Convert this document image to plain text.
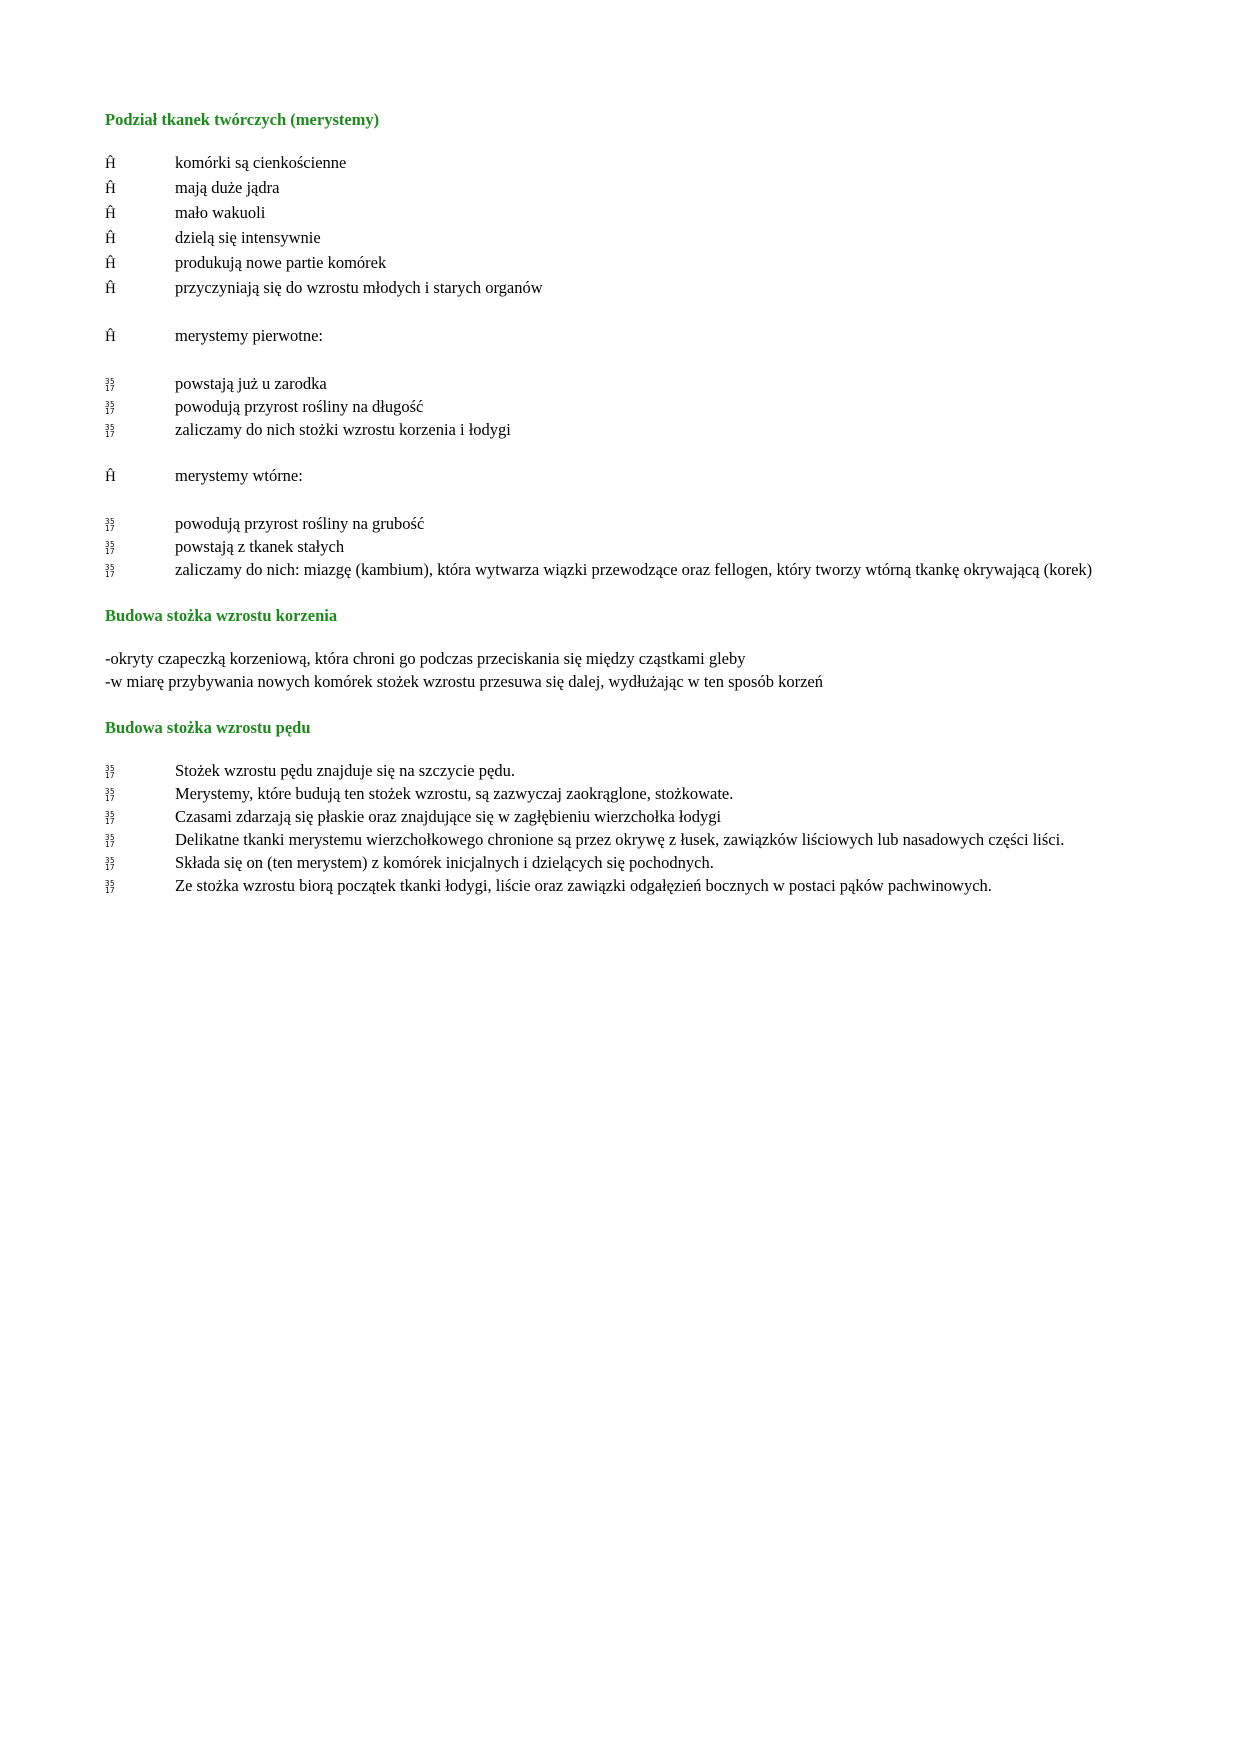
Podział tkanek twórczych (merystemy)
Ĥ	komórki są cienkościenne
Ĥ	mają duże jądra
Ĥ	mało wakuoli
Ĥ	dzielą się intensywnie
Ĥ	produkują nowe partie komórek
Ĥ	przyczyniają się do wzrostu młodych i starych organów
Ĥ	merystemy pierwotne:
35
17	powstają już u zarodka
35
17	powodują przyrost rośliny na długość
35
17	zaliczamy do nich stożki wzrostu korzenia i łodygi
Ĥ	merystemy wtórne:
35
17	powodują przyrost rośliny na grubość
35
17	powstają z tkanek stałych
35
17	zaliczamy do nich: miazgę (kambium), która wytwarza wiązki przewodzące oraz fellogen, który tworzy wtórną tkankę okrywającą (korek)
Budowa stożka wzrostu korzenia
-okryty czapeczką korzeniową, która chroni go podczas przeciskania się między cząstkami gleby
-w miarę przybywania nowych komórek stożek wzrostu przesuwa się dalej, wydłużając w ten sposób korzeń
Budowa stożka wzrostu pędu
35
17	Stożek wzrostu pędu znajduje się na szczycie pędu.
35
17	Merystemy, które budują ten stożek wzrostu, są zazwyczaj zaokrąglone, stożkowate.
35
17	Czasami zdarzają się płaskie oraz znajdujące się w zagłębieniu wierzchołka łodygi
35
17	Delikatne tkanki merystemu wierzchołkowego chronione są przez okrywę z łusek, zawiązków liściowych lub nasadowych części liści.
35
17	Składa się on (ten merystem) z komórek inicjalnych i dzielących się pochodnych.
35
17	Ze stożka wzrostu biorą początek tkanki łodygi, liście oraz zawiązki odgałęzień bocznych w postaci pąków pachwinowych.
